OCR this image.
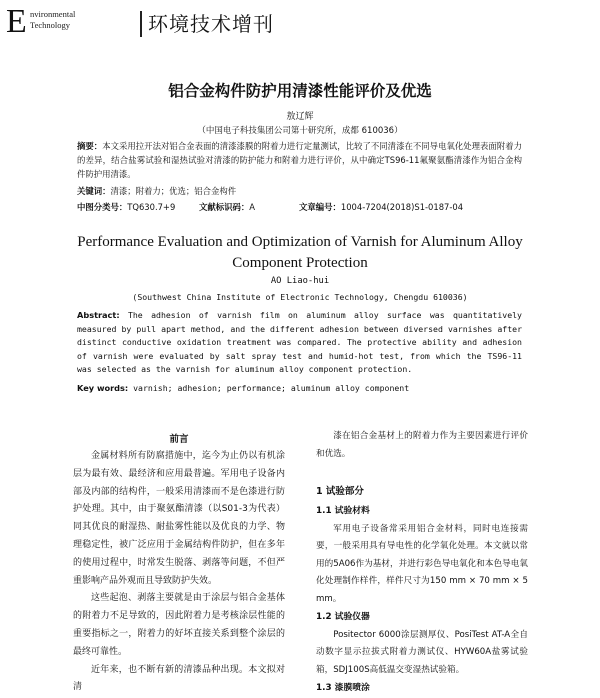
E nvironmental
Technology	环境技术增刊
铝合金构件防护用清漆性能评价及优选
敖辽辉
（中国电子科技集团公司第十研究所，成都 610036）
摘要：本文采用拉开法对铝合金表面的清漆漆膜的附着力进行定量测试，比较了不同清漆在不同导电氧化处理表面附着力的差异，结合盐雾试验和湿热试验对清漆的防护能力和附着力进行评价，从中确定TS96-11氟聚氨酯清漆作为铝合金构件防护用清漆。
关键词：清漆；附着力；优选；铝合金构件
中图分类号：TQ630.7+9	文献标识码：A	文章编号：1004-7204(2018)S1-0187-04
Performance Evaluation and Optimization of Varnish for Aluminum Alloy Component Protection
AO Liao-hui
(Southwest China Institute of Electronic Technology, Chengdu 610036)
Abstract: The adhesion of varnish film on aluminum alloy surface was quantitatively measured by pull apart method, and the different adhesion between diversed varnishes after distinct conductive oxidation treatment was compared. The protective ability and adhesion of varnish were evaluated by salt spray test and humid-hot test, from which the TS96-11 was selected as the varnish for aluminum alloy component protection.
Key words: varnish; adhesion; performance; aluminum alloy component
前言

金属材料所有防腐措施中，迄今为止仍以有机涂层为最有效、最经济和应用最普遍。军用电子设备内部及内部的结构件，一般采用清漆而不是色漆进行防护处理。其中，由于聚氨酯清漆（以S01-3为代表）同其优良的耐湿热、耐盐雾性能以及优良的力学、物理稳定性，被广泛应用于金属结构件防护，但在多年的使用过程中，时常发生脱落、剥落等问题，不但严重影响产品外观而且导致防护失效。

这些起泡、剥落主要就是由于涂层与铝合金基体的附着力不足导致的，因此附着力是考核涂层性能的重要指标之一，附着力的好坏直接关系到整个涂层的最终可靠性。

近年来，也不断有新的清漆品种出现。本文拟对清

漆在铝合金基材上的附着力作为主要因素进行评价和优选。
1 试验部分
1.1 试验材料
军用电子设备常采用铝合金材料，同时电连接需要，一般采用具有导电性的化学氧化处理。本文就以常用的5A06作为基材，并进行彩色导电氧化和本色导电氧化处理制作样件，样件尺寸为150 mm × 70 mm × 5 mm。
1.2 试验仪器
Positector 6000涂层测厚仪、PosiTest AT-A全自动数字显示拉拔式附着力测试仪、HYW60A盐雾试验箱，SDJ100S高低温交变湿热试验箱。
1.3 漆膜喷涂
